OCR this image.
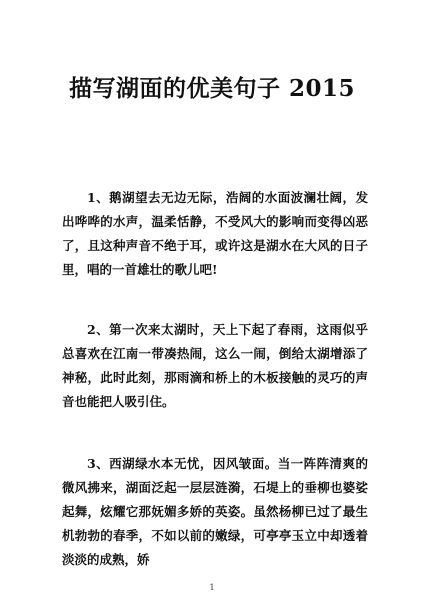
描写湖面的优美句子 2015

1、鹅湖望去无边无际，浩阔的水面波澜壮阔，发出哗哗的水声，温柔恬静，不受风大的影响而变得凶恶了，且这种声音不绝于耳，或许这是湖水在大风的日子里，唱的一首雄壮的歌儿吧!

2、第一次来太湖时，天上下起了春雨，这雨似乎总喜欢在江南一带凑热闹，这么一闹，倒给太湖增添了神秘，此时此刻，那雨滴和桥上的木板接触的灵巧的声音也能把人吸引住。

3、西湖绿水本无忧，因风皱面。当一阵阵清爽的微风拂来，湖面泛起一层层涟漪，石堤上的垂柳也婆娑起舞，炫耀它那妩媚多娇的英姿。虽然杨柳已过了最生机勃勃的春季，不如以前的嫩绿，可亭亭玉立中却透着淡淡的成熟，娇

1
